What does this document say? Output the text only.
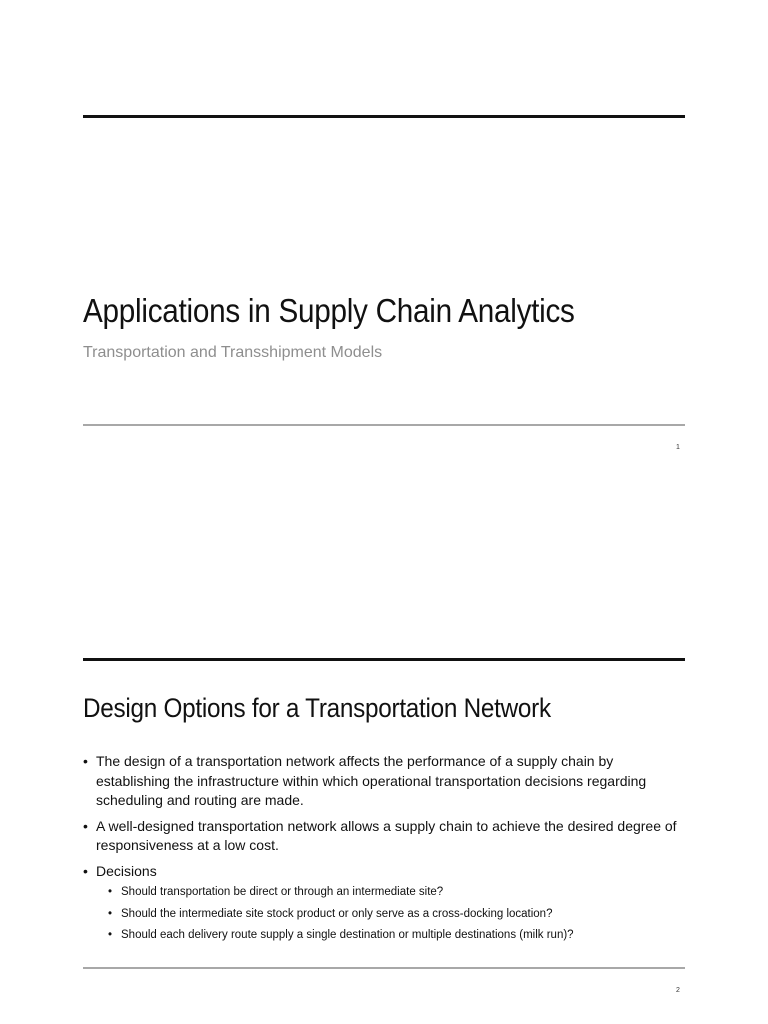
Applications in Supply Chain Analytics

Transportation and Transshipment Models

1
Design Options for a Transportation Network
• The design of a transportation network affects the performance of a supply chain by establishing the infrastructure within which operational transportation decisions regarding scheduling and routing are made.
• A well-designed transportation network allows a supply chain to achieve the desired degree of responsiveness at a low cost.
• Decisions
• Should transportation be direct or through an intermediate site?
• Should the intermediate site stock product or only serve as a cross-docking location?
• Should each delivery route supply a single destination or multiple destinations (milk run)?
2
